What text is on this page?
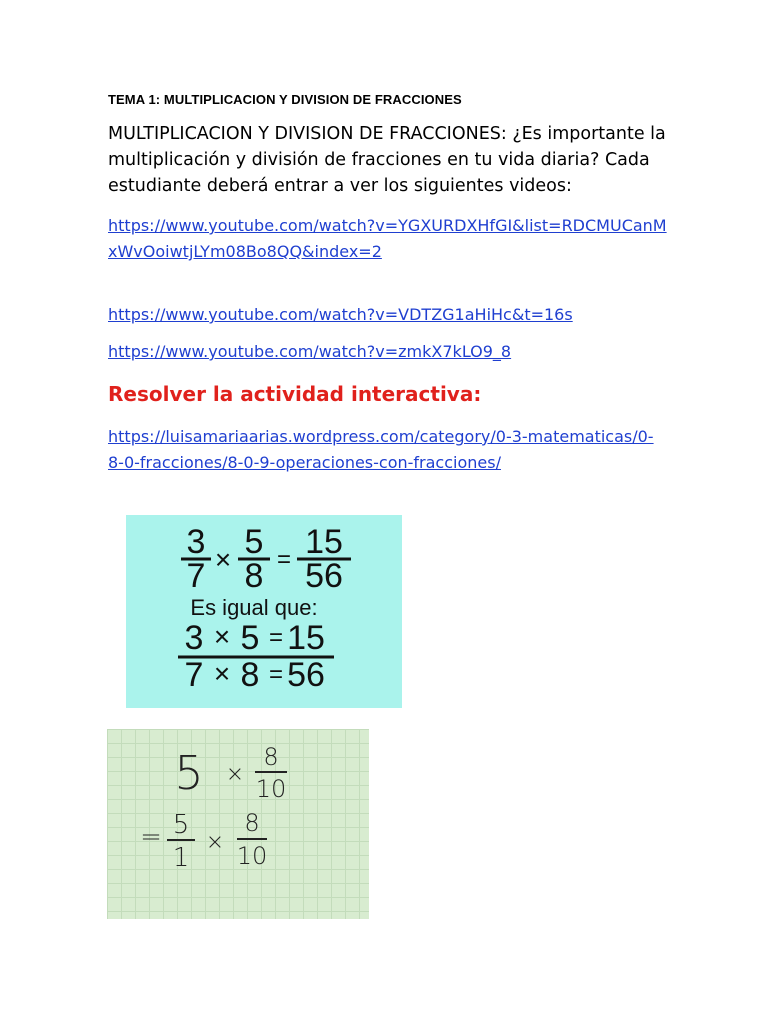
TEMA 1: MULTIPLICACION Y DIVISION DE FRACCIONES
MULTIPLICACION Y DIVISION DE FRACCIONES: ¿Es importante la multiplicación y división de fracciones en tu vida diaria? Cada estudiante deberá entrar a ver los siguientes videos:
https://www.youtube.com/watch?v=YGXURDXHfGI&list=RDCMUCanMxWvOoiwtjLYm08Bo8QQ&index=2
https://www.youtube.com/watch?v=VDTZG1aHiHc&t=16s
https://www.youtube.com/watch?v=zmkX7kLO9_8
Resolver la actividad interactiva:
https://luisamariaarias.wordpress.com/category/0-3-matematicas/0-8-0-fracciones/8-0-9-operaciones-con-fracciones/
3
7 × 5
8 = 15
56
Es igual que:
3 × 5 = 15
7 × 8 = 56
5 ×
8
10
= 5
1
×
8
10
